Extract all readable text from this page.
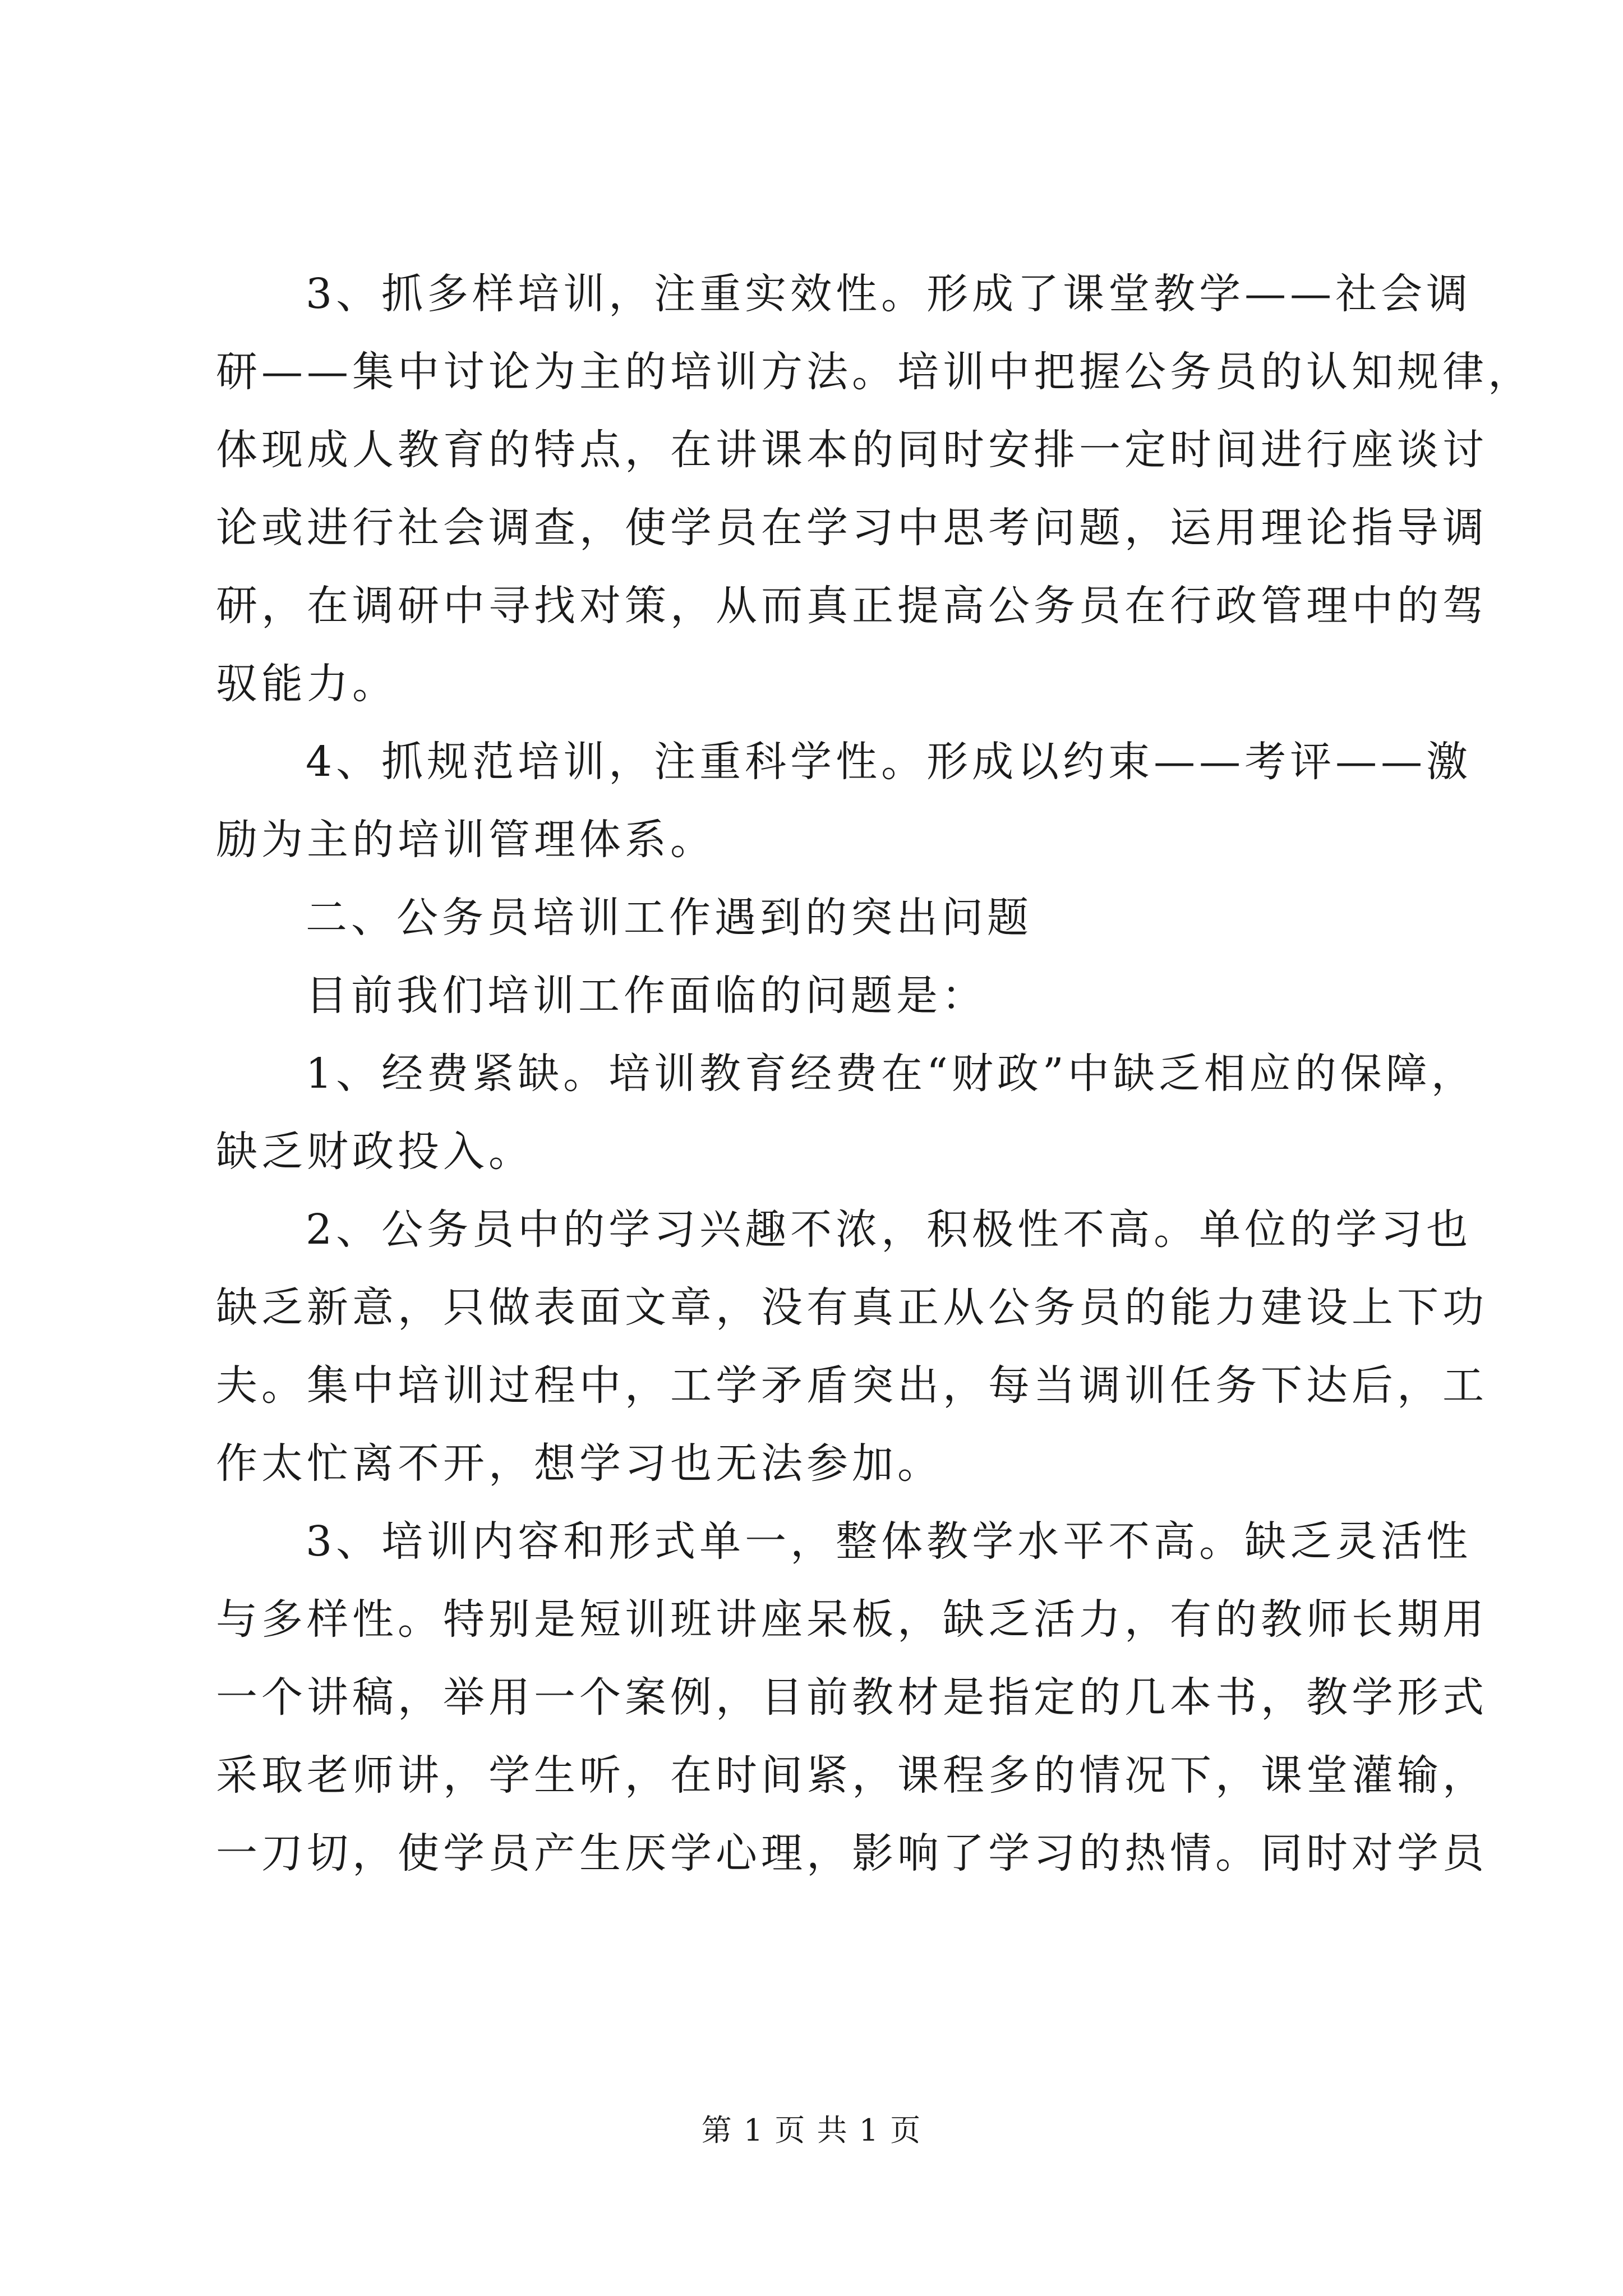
3、抓多样培训，注重实效性。形成了课堂教学——社会调
研——集中讨论为主的培训方法。培训中把握公务员的认知规律，
体现成人教育的特点，在讲课本的同时安排一定时间进行座谈讨
论或进行社会调查，使学员在学习中思考问题，运用理论指导调
研，在调研中寻找对策，从而真正提高公务员在行政管理中的驾
驭能力。
4、抓规范培训，注重科学性。形成以约束——考评——激
励为主的培训管理体系。
二、公务员培训工作遇到的突出问题
目前我们培训工作面临的问题是：
1、经费紧缺。培训教育经费在“财政”中缺乏相应的保障，
缺乏财政投入。
2、公务员中的学习兴趣不浓，积极性不高。单位的学习也
缺乏新意，只做表面文章，没有真正从公务员的能力建设上下功
夫。集中培训过程中，工学矛盾突出，每当调训任务下达后，工
作太忙离不开，想学习也无法参加。
3、培训内容和形式单一，整体教学水平不高。缺乏灵活性
与多样性。特别是短训班讲座呆板，缺乏活力，有的教师长期用
一个讲稿，举用一个案例，目前教材是指定的几本书，教学形式
采取老师讲，学生听，在时间紧，课程多的情况下，课堂灌输，
一刀切，使学员产生厌学心理，影响了学习的热情。同时对学员
第 1 页 共 1 页
